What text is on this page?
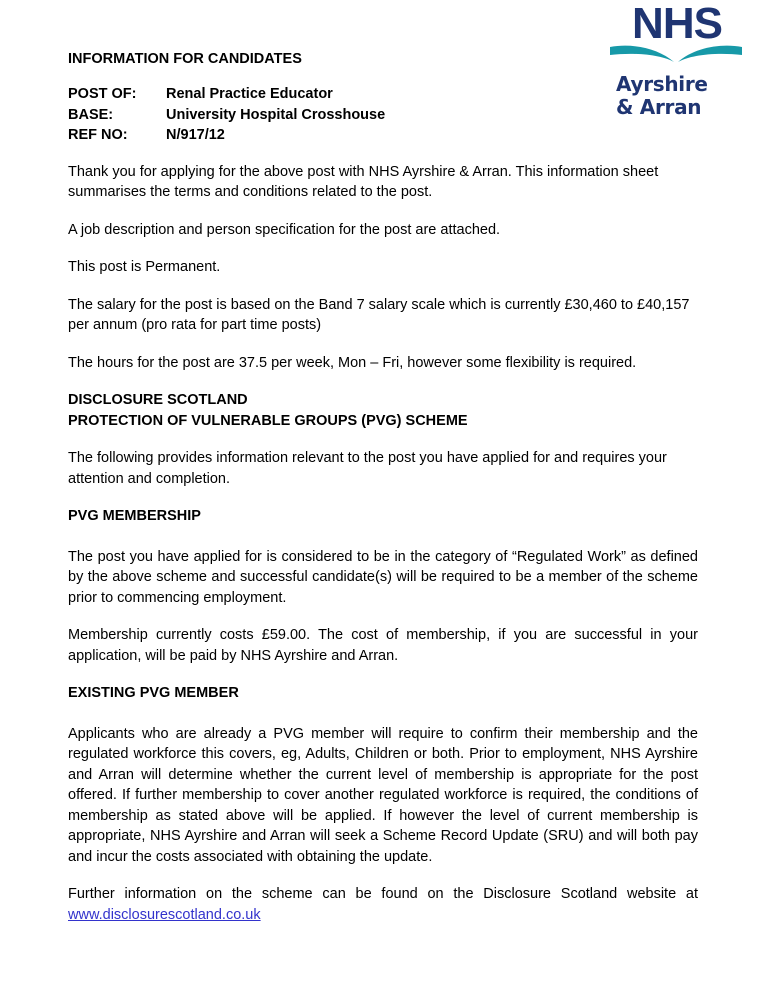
NHS
Ayrshire
& Arran
INFORMATION FOR CANDIDATES
POST OF:	Renal Practice Educator
BASE:	University Hospital Crosshouse
REF NO:	N/917/12

Thank you for applying for the above post with NHS Ayrshire & Arran. This information sheet summarises the terms and conditions related to the post.

A job description and person specification for the post are attached.

This post is Permanent.

The salary for the post is based on the Band 7 salary scale which is currently £30,460 to £40,157 per annum (pro rata for part time posts)

The hours for the post are 37.5 per week, Mon – Fri, however some flexibility is required.

DISCLOSURE SCOTLAND
PROTECTION OF VULNERABLE GROUPS (PVG) SCHEME

The following provides information relevant to the post you have applied for and requires your attention and completion.

PVG MEMBERSHIP

The post you have applied for is considered to be in the category of “Regulated Work” as defined by the above scheme and successful candidate(s) will be required to be a member of the scheme prior to commencing employment.

Membership currently costs £59.00. The cost of membership, if you are successful in your application, will be paid by NHS Ayrshire and Arran.

EXISTING PVG MEMBER

Applicants who are already a PVG member will require to confirm their membership and the regulated workforce this covers, eg, Adults, Children or both. Prior to employment, NHS Ayrshire and Arran will determine whether the current level of membership is appropriate for the post offered. If further membership to cover another regulated workforce is required, the conditions of membership as stated above will be applied. If however the level of current membership is appropriate, NHS Ayrshire and Arran will seek a Scheme Record Update (SRU) and will both pay and incur the costs associated with obtaining the update.

Further information on the scheme can be found on the Disclosure Scotland website at www.disclosurescotland.co.uk
